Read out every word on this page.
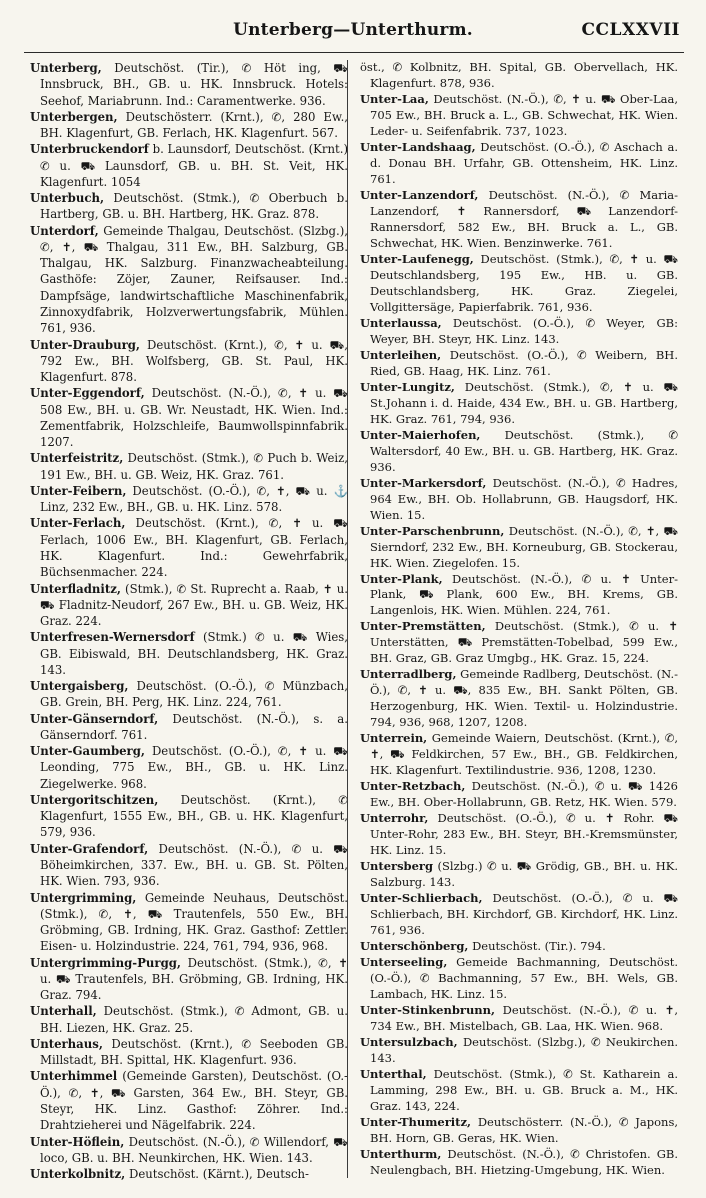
Unterberg—Unterthurm.	CCLXXVII

Unterberg, Deutschöst. (Tir.), ✆ Höt ing, ⛟ Innsbruck, BH., GB. u. HK. Innsbruck. Hotels: Seehof, Mariabrunn. Ind.: Caramentwerke. 936.

Unterbergen, Deutschösterr. (Krnt.), ✆, 280 Ew., BH. Klagenfurt, GB. Ferlach, HK. Klagenfurt. 567.

Unterbruckendorf b. Launsdorf, Deutschöst. (Krnt.) ✆ u. ⛟ Launsdorf, GB. u. BH. St. Veit, HK. Klagenfurt. 1054

Unterbuch, Deutschöst. (Stmk.), ✆ Oberbuch b. Hartberg, GB. u. BH. Hartberg, HK. Graz. 878.

Unterdorf, Gemeinde Thalgau, Deutschöst. (Slzbg.), ✆, ✝, ⛟ Thalgau, 311 Ew., BH. Salzburg, GB. Thalgau, HK. Salzburg. Finanzwacheabteilung. Gasthöfe: Zöjer, Zauner, Reifsauser. Ind.: Dampfsäge, landwirtschaftliche Maschinenfabrik, Zinnoxydfabrik, Holzverwertungsfabrik, Mühlen. 761, 936.

Unter-Drauburg, Deutschöst. (Krnt.), ✆, ✝ u. ⛟, 792 Ew., BH. Wolfsberg, GB. St. Paul, HK. Klagenfurt. 878.

Unter-Eggendorf, Deutschöst. (N.-Ö.), ✆, ✝ u. ⛟ 508 Ew., BH. u. GB. Wr. Neustadt, HK. Wien. Ind.: Zementfabrik, Holzschleife, Baumwollspinnfabrik. 1207.

Unterfeistritz, Deutschöst. (Stmk.), ✆ Puch b. Weiz, 191 Ew., BH. u. GB. Weiz, HK. Graz. 761.

Unter-Feibern, Deutschöst. (O.-Ö.), ✆, ✝, ⛟ u. ⚓ Linz, 232 Ew., BH., GB. u. HK. Linz. 578.

Unter-Ferlach, Deutschöst. (Krnt.), ✆, ✝ u. ⛟ Ferlach, 1006 Ew., BH. Klagenfurt, GB. Ferlach, HK. Klagenfurt. Ind.: Gewehrfabrik, Büchsenmacher. 224.

Unterfladnitz, (Stmk.), ✆ St. Ruprecht a. Raab, ✝ u. ⛟ Fladnitz-Neudorf, 267 Ew., BH. u. GB. Weiz, HK. Graz. 224.

Unterfresen-Wernersdorf (Stmk.) ✆ u. ⛟ Wies, GB. Eibiswald, BH. Deutschlandsberg, HK. Graz. 143.

Untergaisberg, Deutschöst. (O.-Ö.), ✆ Münzbach, GB. Grein, BH. Perg, HK. Linz. 224, 761.

Unter-Gänserndorf, Deutschöst. (N.-Ö.), s. a. Gänserndorf. 761.

Unter-Gaumberg, Deutschöst. (O.-Ö.), ✆, ✝ u. ⛟ Leonding, 775 Ew., BH., GB. u. HK. Linz. Ziegelwerke. 968.

Untergoritschitzen, Deutschöst. (Krnt.), ✆ Klagenfurt, 1555 Ew., BH., GB. u. HK. Klagenfurt, 579, 936.

Unter-Grafendorf, Deutschöst. (N.-Ö.), ✆ u. ⛟ Böheimkirchen, 337. Ew., BH. u. GB. St. Pölten, HK. Wien. 793, 936.

Untergrimming, Gemeinde Neuhaus, Deutschöst. (Stmk.), ✆, ✝, ⛟ Trautenfels, 550 Ew., BH. Gröbming, GB. Irdning, HK. Graz. Gasthof: Zettler. Eisen- u. Holzindustrie. 224, 761, 794, 936, 968.

Untergrimming-Purgg, Deutschöst. (Stmk.), ✆, ✝ u. ⛟ Trautenfels, BH. Gröbming, GB. Irdning, HK. Graz. 794.

Unterhall, Deutschöst. (Stmk.), ✆ Admont, GB. u. BH. Liezen, HK. Graz. 25.

Unterhaus, Deutschöst. (Krnt.), ✆ Seeboden GB. Millstadt, BH. Spittal, HK. Klagenfurt. 936.

Unterhimmel (Gemeinde Garsten), Deutschöst. (O.-Ö.), ✆, ✝, ⛟ Garsten, 364 Ew., BH. Steyr, GB. Steyr, HK. Linz. Gasthof: Zöhrer. Ind.: Drahtzieherei und Nägelfabrik. 224.

Unter-Höflein, Deutschöst. (N.-Ö.), ✆ Willendorf, ⛟ loco, GB. u. BH. Neunkirchen, HK. Wien. 143.

Unterkolbnitz, Deutschöst. (Kärnt.), Deutsch-

öst., ✆ Kolbnitz, BH. Spital, GB. Obervellach, HK. Klagenfurt. 878, 936.

Unter-Laa, Deutschöst. (N.-Ö.), ✆, ✝ u. ⛟ Ober-Laa, 705 Ew., BH. Bruck a. L., GB. Schwechat, HK. Wien. Leder- u. Seifenfabrik. 737, 1023.

Unter-Landshaag, Deutschöst. (O.-Ö.), ✆ Aschach a. d. Donau BH. Urfahr, GB. Ottensheim, HK. Linz. 761.

Unter-Lanzendorf, Deutschöst. (N.-Ö.), ✆ Maria-Lanzendorf, ✝ Rannersdorf, ⛟ Lanzendorf-Rannersdorf, 582 Ew., BH. Bruck a. L., GB. Schwechat, HK. Wien. Benzinwerke. 761.

Unter-Laufenegg, Deutschöst. (Stmk.), ✆, ✝ u. ⛟ Deutschlandsberg, 195 Ew., HB. u. GB. Deutschlandsberg, HK. Graz. Ziegelei, Vollgittersäge, Papierfabrik. 761, 936.

Unterlaussa, Deutschöst. (O.-Ö.), ✆ Weyer, GB: Weyer, BH. Steyr, HK. Linz. 143.

Unterleihen, Deutschöst. (O.-Ö.), ✆ Weibern, BH. Ried, GB. Haag, HK. Linz. 761.

Unter-Lungitz, Deutschöst. (Stmk.), ✆, ✝ u. ⛟ St.Johann i. d. Haide, 434 Ew., BH. u. GB. Hartberg, HK. Graz. 761, 794, 936.

Unter-Maierhofen, Deutschöst. (Stmk.), ✆ Waltersdorf, 40 Ew., BH. u. GB. Hartberg, HK. Graz. 936.

Unter-Markersdorf, Deutschöst. (N.-Ö.), ✆ Hadres, 964 Ew., BH. Ob. Hollabrunn, GB. Haugsdorf, HK. Wien. 15.

Unter-Parschenbrunn, Deutschöst. (N.-Ö.), ✆, ✝, ⛟ Sierndorf, 232 Ew., BH. Korneuburg, GB. Stockerau, HK. Wien. Ziegelofen. 15.

Unter-Plank, Deutschöst. (N.-Ö.), ✆ u. ✝ Unter-Plank, ⛟ Plank, 600 Ew., BH. Krems, GB. Langenlois, HK. Wien. Mühlen. 224, 761.

Unter-Premstätten, Deutschöst. (Stmk.), ✆ u. ✝ Unterstätten, ⛟ Premstätten-Tobelbad, 599 Ew., BH. Graz, GB. Graz Umgbg., HK. Graz. 15, 224.

Unterradlberg, Gemeinde Radlberg, Deutschöst. (N.-Ö.), ✆, ✝ u. ⛟, 835 Ew., BH. Sankt Pölten, GB. Herzogenburg, HK. Wien. Textil- u. Holzindustrie. 794, 936, 968, 1207, 1208.

Unterrein, Gemeinde Waiern, Deutschöst. (Krnt.), ✆, ✝, ⛟ Feldkirchen, 57 Ew., BH., GB. Feldkirchen, HK. Klagenfurt. Textilindustrie. 936, 1208, 1230.

Unter-Retzbach, Deutschöst. (N.-Ö.), ✆ u. ⛟ 1426 Ew., BH. Ober-Hollabrunn, GB. Retz, HK. Wien. 579.

Unterrohr, Deutschöst. (O.-Ö.), ✆ u. ✝ Rohr. ⛟ Unter-Rohr, 283 Ew., BH. Steyr, BH.-Kremsmünster, HK. Linz. 15.

Untersberg (Slzbg.) ✆ u. ⛟ Grödig, GB., BH. u. HK. Salzburg. 143.

Unter-Schlierbach, Deutschöst. (O.-Ö.), ✆ u. ⛟ Schlierbach, BH. Kirchdorf, GB. Kirchdorf, HK. Linz. 761, 936.

Unterschönberg, Deutschöst. (Tir.). 794.

Unterseeling, Gemeide Bachmanning, Deutschöst. (O.-Ö.), ✆ Bachmanning, 57 Ew., BH. Wels, GB. Lambach, HK. Linz. 15.

Unter-Stinkenbrunn, Deutschöst. (N.-Ö.), ✆ u. ✝, 734 Ew., BH. Mistelbach, GB. Laa, HK. Wien. 968.

Untersulzbach, Deutschöst. (Slzbg.), ✆ Neukirchen. 143.

Unterthal, Deutschöst. (Stmk.), ✆ St. Katharein a. Lamming, 298 Ew., BH. u. GB. Bruck a. M., HK. Graz. 143, 224.

Unter-Thumeritz, Deutschösterr. (N.-Ö.), ✆ Japons, BH. Horn, GB. Geras, HK. Wien.

Unterthurm, Deutschöst. (N.-Ö.), ✆ Christofen. GB. Neulengbach, BH. Hietzing-Umgebung, HK. Wien.
